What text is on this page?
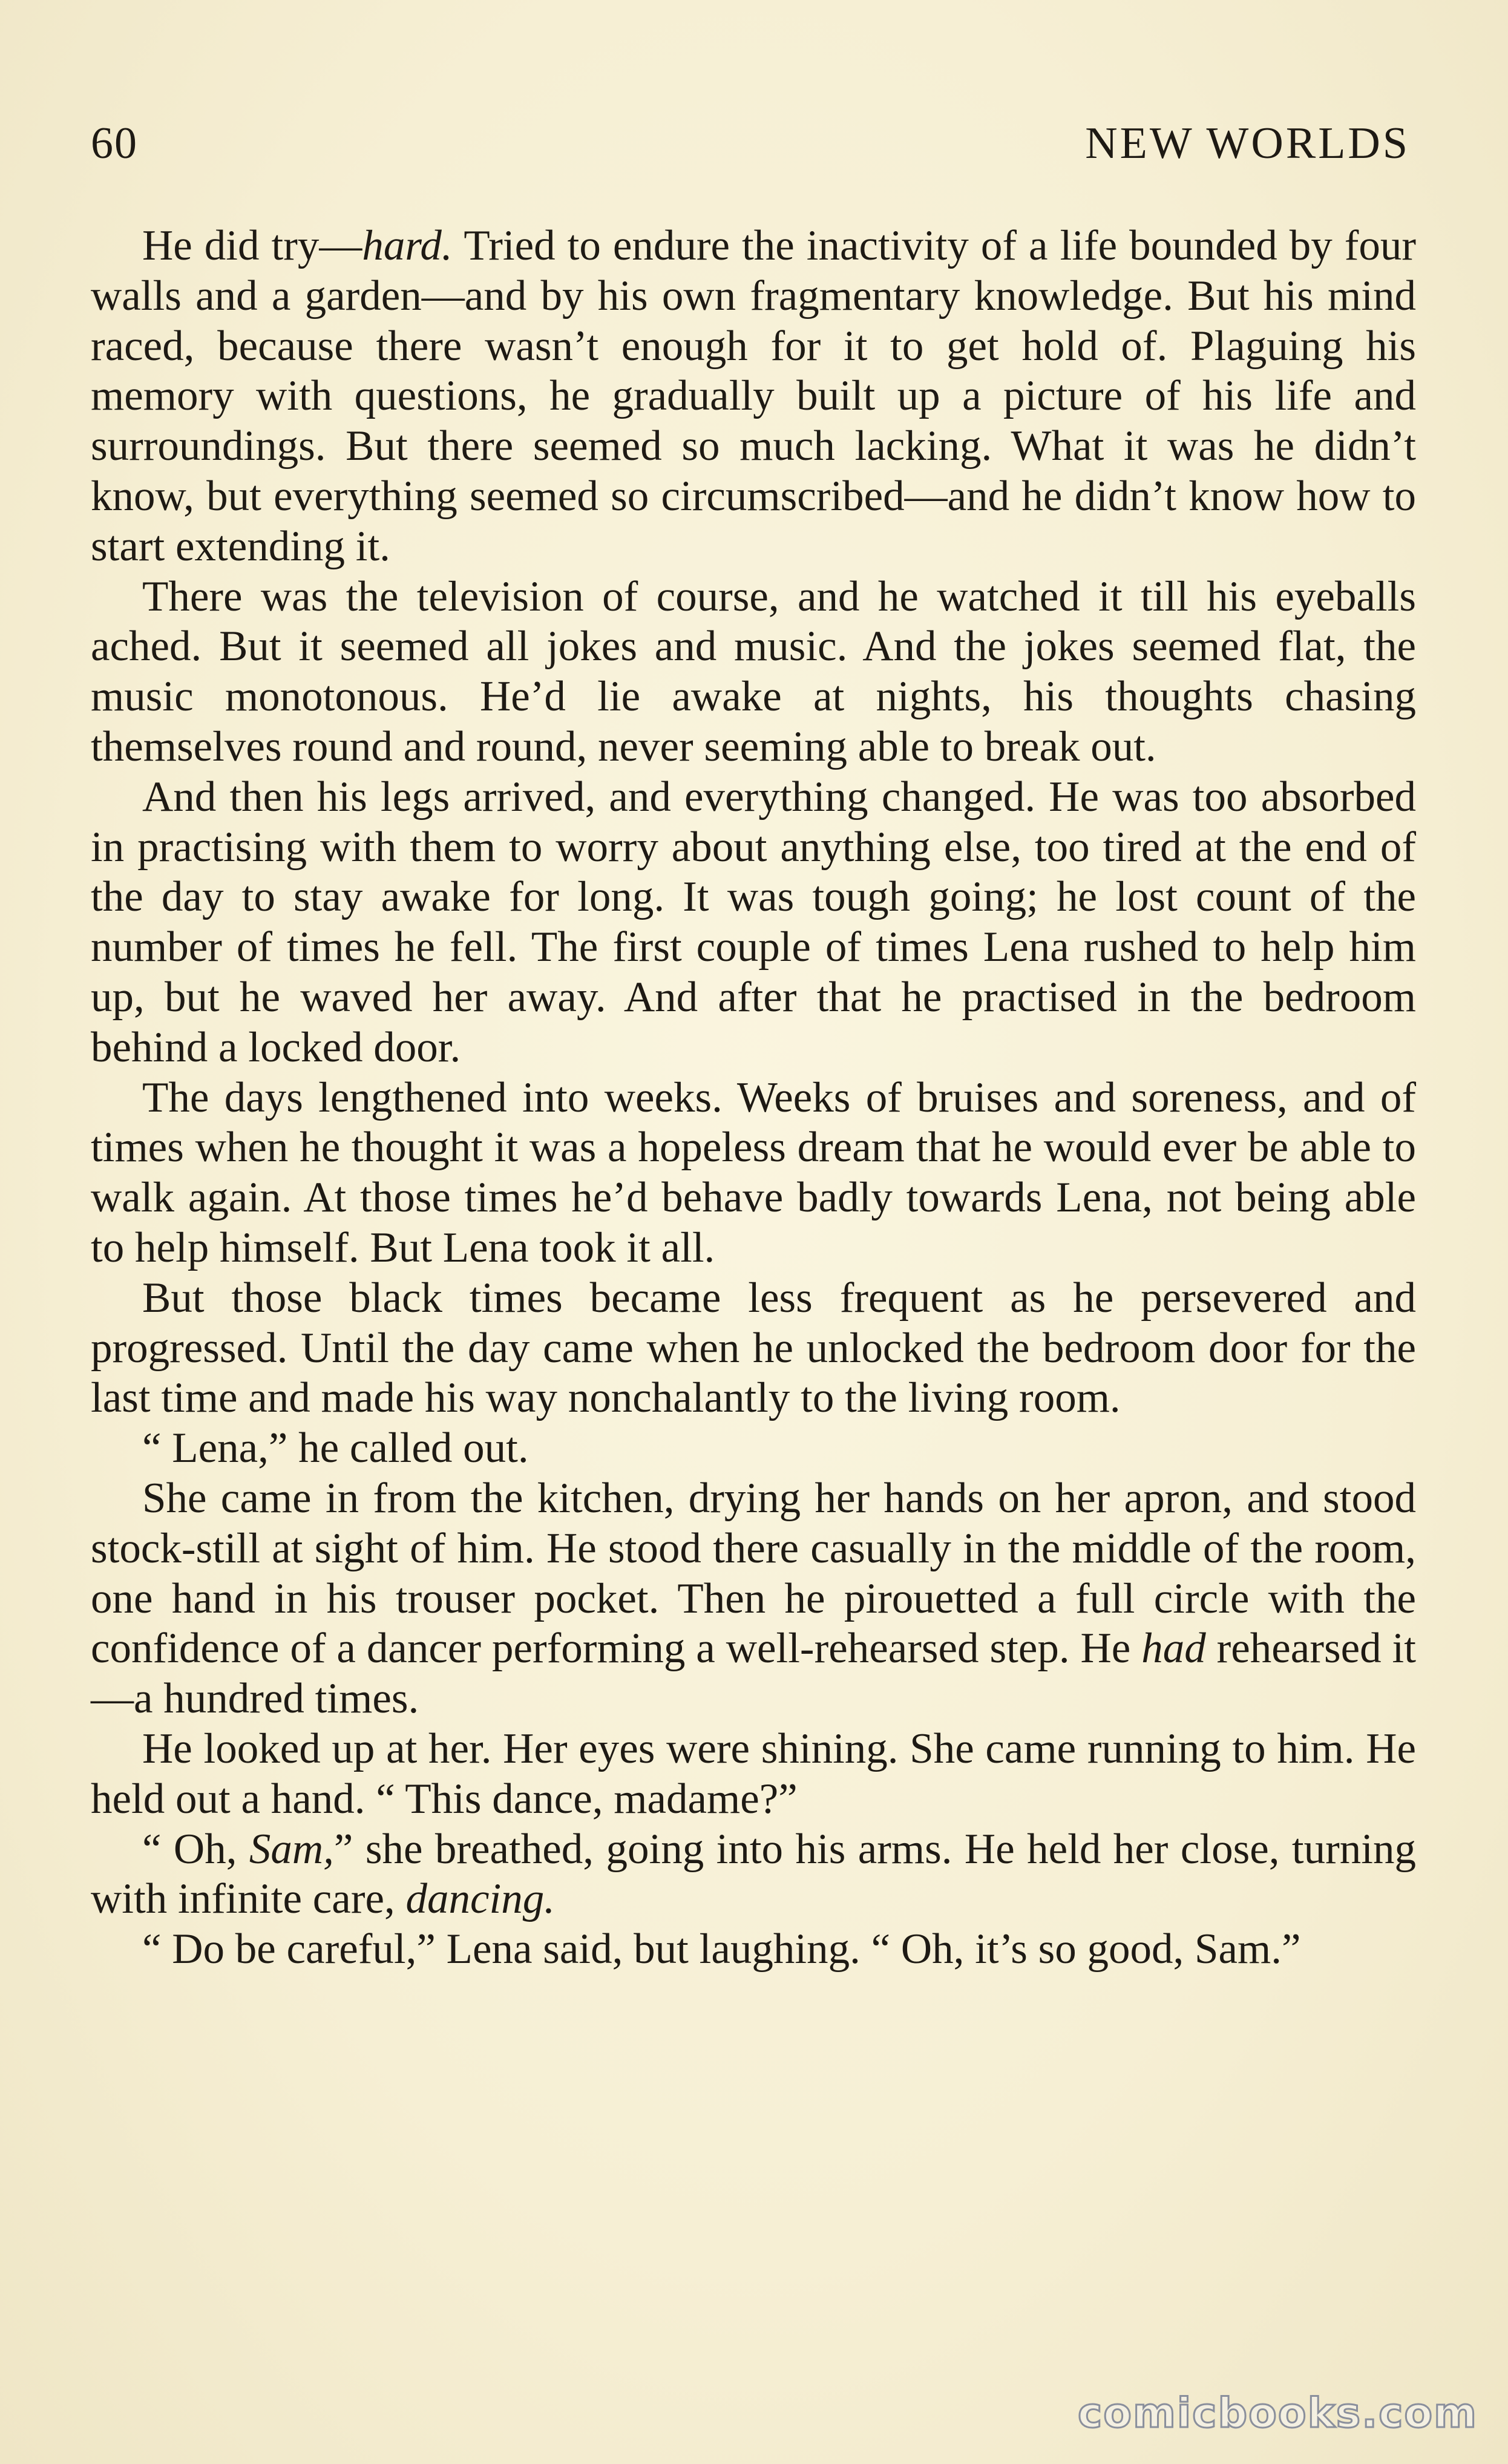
60	NEW WORLDS

He did try—hard. Tried to endure the inactivity of a life bounded by four walls and a garden—and by his own fragmentary knowledge. But his mind raced, because there wasn’t enough for it to get hold of. Plaguing his memory with questions, he gradually built up a picture of his life and surroundings. But there seemed so much lacking. What it was he didn’t know, but everything seemed so circumscribed—and he didn’t know how to start extending it.

There was the television of course, and he watched it till his eyeballs ached. But it seemed all jokes and music. And the jokes seemed flat, the music monotonous. He’d lie awake at nights, his thoughts chasing themselves round and round, never seeming able to break out.

And then his legs arrived, and everything changed. He was too absorbed in practising with them to worry about anything else, too tired at the end of the day to stay awake for long. It was tough going; he lost count of the number of times he fell. The first couple of times Lena rushed to help him up, but he waved her away. And after that he practised in the bedroom behind a locked door.

The days lengthened into weeks. Weeks of bruises and soreness, and of times when he thought it was a hopeless dream that he would ever be able to walk again. At those times he’d behave badly towards Lena, not being able to help himself. But Lena took it all.

But those black times became less frequent as he persevered and progressed. Until the day came when he unlocked the bedroom door for the last time and made his way nonchalantly to the living room.

“ Lena,” he called out.

She came in from the kitchen, drying her hands on her apron, and stood stock-still at sight of him. He stood there casually in the middle of the room, one hand in his trouser pocket. Then he pirouetted a full circle with the confidence of a dancer performing a well-rehearsed step. He had rehearsed it—a hundred times.

He looked up at her. Her eyes were shining. She came running to him. He held out a hand. “ This dance, madame?”

“ Oh, Sam,” she breathed, going into his arms. He held her close, turning with infinite care, dancing.

“ Do be careful,” Lena said, but laughing. “ Oh, it’s so good, Sam.”

comicbooks.com
